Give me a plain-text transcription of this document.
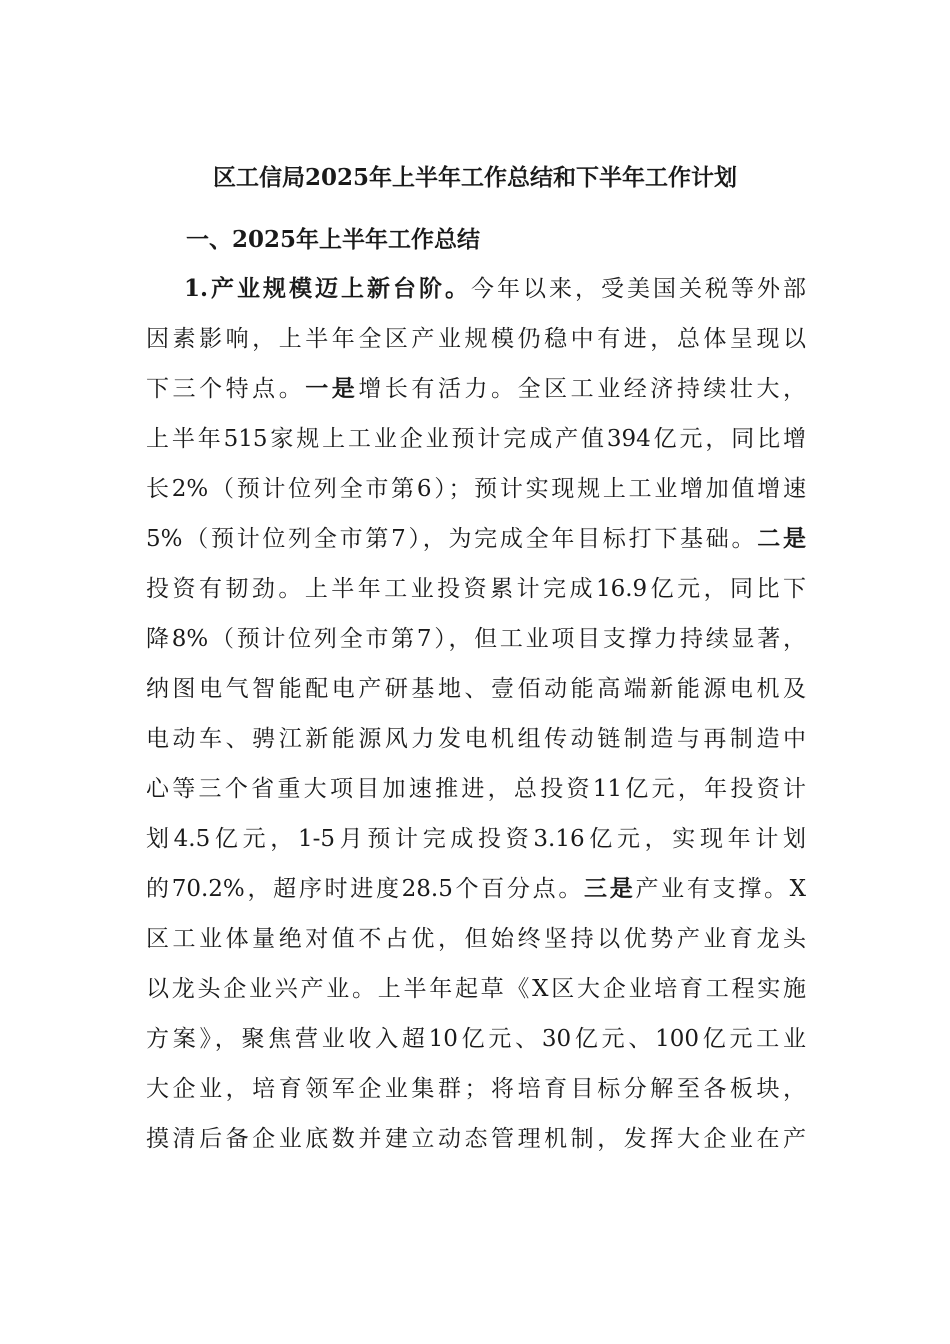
区工信局2025年上半年工作总结和下半年工作计划
一、2025年上半年工作总结
1.产业规模迈上新台阶。今年以来，受美国关税等外部
因素影响，上半年全区产业规模仍稳中有进，总体呈现以
下三个特点。一是增长有活力。全区工业经济持续壮大，
上半年515家规上工业企业预计完成产值394亿元，同比增
长2%（预计位列全市第6）；预计实现规上工业增加值增速
5%（预计位列全市第7），为完成全年目标打下基础。二是
投资有韧劲。上半年工业投资累计完成16.9亿元，同比下
降8%（预计位列全市第7），但工业项目支撑力持续显著，
纳图电气智能配电产研基地、壹佰动能高端新能源电机及
电动车、骋江新能源风力发电机组传动链制造与再制造中
心等三个省重大项目加速推进，总投资11亿元，年投资计
划4.5亿元，1-5月预计完成投资3.16亿元，实现年计划
的70.2%，超序时进度28.5个百分点。三是产业有支撑。X
区工业体量绝对值不占优，但始终坚持以优势产业育龙头
以龙头企业兴产业。上半年起草《X区大企业培育工程实施
方案》，聚焦营业收入超10亿元、30亿元、100亿元工业
大企业，培育领军企业集群；将培育目标分解至各板块，
摸清后备企业底数并建立动态管理机制，发挥大企业在产
